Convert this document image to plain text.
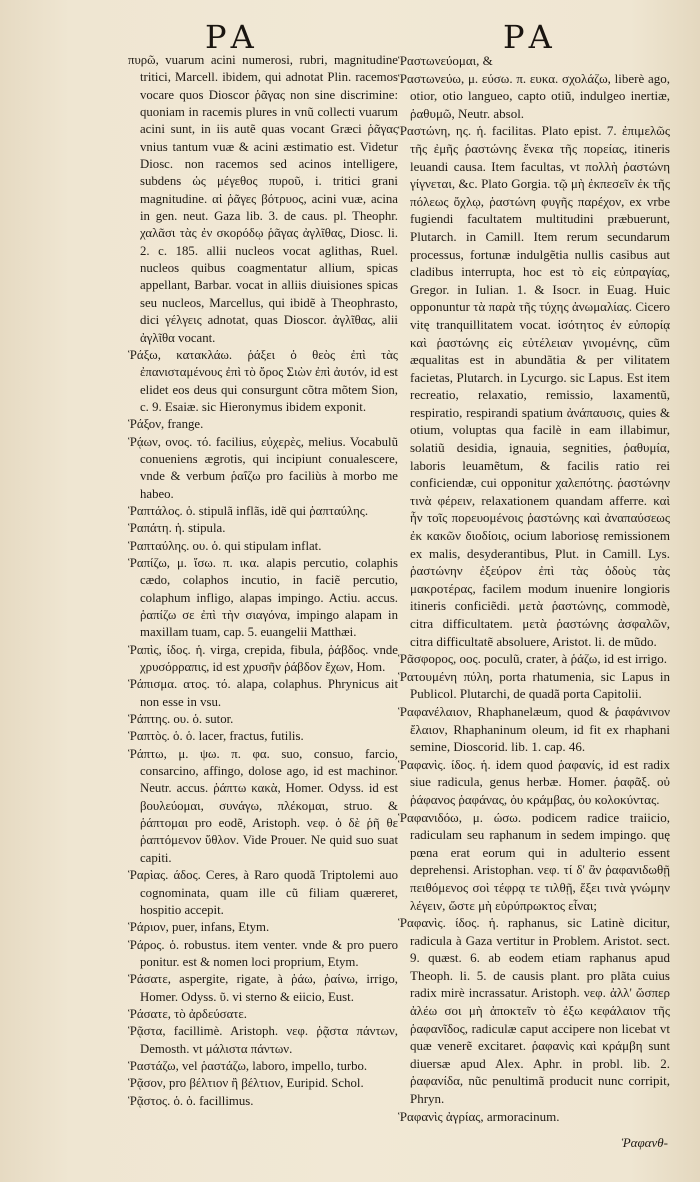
PA	PA
πυρῶ, vuarum acini numerosi, rubri, magnitudine tritici, Marcell. ibidem, qui adnotat Plin. racemos vocare quos Dioscor ῥᾶγας non sine discrimine: quoniam in racemis plures in vnũ collecti vuarum acini sunt, in iis autẽ quas vocant Græci ῥᾶγας vnius tantum vuæ & acini æstimatio est. Videtur Diosc. non racemos sed acinos intelligere, subdens ὡς μέγεθος πυροῦ, i. tritici grani magnitudine. αἱ ῥᾶγες βότρυος, acini vuæ, acina in gen. neut. Gaza lib. 3. de caus. pl. Theophr. χαλᾶσι τὰς ἐν σκορόδῳ ῥᾶγας ἀγλῖθας, Diosc. li. 2. c. 185. allii nucleos vocat aglithas, Ruel. nucleos quibus coagmentatur allium, spicas appellant, Barbar. vocat in alliis diuisiones spicas seu nucleos, Marcellus, qui ibidẽ à Theophrasto, dici γέλγεις adnotat, quas Dioscor. ἀγλῖθας, alii ἀγλῖθα vocant.
Ῥάξω, κατακλάω. ῥάξει ὁ θεὸς ἐπὶ τὰς ἐπανισταμένους ἐπὶ τὸ ὄρος Σιὼν ἐπὶ ἀυτόν, id est elidet eos deus qui consurgunt cõtra mõtem Sion, c. 9. Esaiæ. sic Hieronymus ibidem exponit.
Ῥάξον, frange.
Ῥᾴων, ονος. τό. facilius, εὐχερὲς, melius. Vocabulũ conueniens ægrotis, qui incipiunt conualescere, vnde & verbum ῥαΐζω pro faciliùs à morbo me habeo.
Ῥαπτάλος. ὁ. stipulã inflãs, idẽ qui ῥαπταύλης.
Ῥαπάτη. ἡ. stipula.
Ῥαπταύλης. ου. ὁ. qui stipulam inflat.
Ῥαπίζω, μ. ἴσω. π. ικα. alapis percutio, colaphis cædo, colaphos incutio, in faciẽ percutio, colaphum infligo, alapas impingo. Actiu. accus. ῥαπίζω σε ἐπὶ τὴν σιαγόνα, impingo alapam in maxillam tuam, cap. 5. euangelii Matthæi.
Ῥαπὶς, ίδος. ἡ. virga, crepida, fibula, ῥάβδος. vnde χρυσόρραπις, id est χρυσῆν ῥάβδον ἔχων, Hom.
Ῥάπισμα. ατος. τό. alapa, colaphus. Phrynicus ait non esse in vsu.
Ῥάπτης. ου. ὁ. sutor.
Ῥαπτὸς. ὁ. ὁ. lacer, fractus, futilis.
Ῥάπτω, μ. ψω. π. φα. suo, consuo, farcio, consarcino, affingo, dolose ago, id est machinor. Neutr. accus. ῥάπτω κακὰ, Homer. Odyss. id est βουλεύομαι, συνάγω, πλέκομαι, struo. & ῥάπτομαι pro eodẽ, Aristoph. νεφ. ὁ δὲ ῥῆ θε ῥαπτόμενον ὕθλον. Vide Prouer. Ne quid suo suat capiti.
Ῥαρὶας. άδος. Ceres, à Raro quodã Triptolemi auo cognominata, quam ille cũ filiam quæreret, hospitio accepit.
Ῥάριον, puer, infans, Etym.
Ῥάρος. ὁ. robustus. item venter. vnde & pro puero ponitur. est & nomen loci proprium, Etym.
Ῥάσατε, aspergite, rigate, à ῥάω, ῥαίνω, irrigo, Homer. Odyss. ῦ. vi sterno & eiicio, Eust.
Ῥάσατε, τὸ ἀρδεύσατε.
Ῥᾷστα, facillimè. Aristoph. νεφ. ῥᾷστα πάντων, Demosth. vt μάλιστα πάντων.
Ῥαστάζω, vel ῥαστάζω, laboro, impello, turbo.
Ῥᾷσον, pro βέλτιον ἢ βέλτιον, Euripid. Schol.
Ῥᾷστος. ὁ. ὁ. facillimus.
Ῥαστωνεύομαι, &
Ῥαστωνεύω, μ. εύσω. π. ευκα. σχολάζω, liberè ago, otior, otio langueo, capto otiũ, indulgeo inertiæ, ῥαθυμῶ, Neutr. absol.
Ῥαστώνη, ης. ἡ. facilitas. Plato epist. 7. ἐπιμελῶς τῆς ἐμῆς ῥαστώνης ἕνεκα τῆς πορείας, itineris leuandi causa. Item facultas, vt πολλὴ ῥαστώνη γίγνεται, &c. Plato Gorgia. τῷ μὴ ἐκπεσεῖν ἐκ τῆς πόλεως ὄχλῳ, ῥαστώνη φυγῆς παρέχον, ex vrbe fugiendi facultatem multitudini præbuerunt, Plutarch. in Camill. Item rerum secundarum processus, fortunæ indulgẽtia nullis casibus aut cladibus interrupta, hoc est τὸ εἰς εὐπραγίας, Gregor. in Iulian. 1. & Isocr. in Euag. Huic opponuntur τὰ παρὰ τῆς τύχης ἀνωμαλίας. Cicero vitę tranquillitatem vocat. ἰσότητος ἐν εὐπορίᾳ καὶ ῥαστώνης εἰς εὐτέλειαν γινομένης, cũm æqualitas est in abundãtia & per vilitatem facietas, Plutarch. in Lycurgo. sic Lapus. Est item recreatio, relaxatio, remissio, laxamentũ, respiratio, respirandi spatium ἀνάπαυσις, quies & otium, voluptas qua facilè in eam illabimur, solatiũ desidia, ignauia, segnities, ῥαθυμία, laboris leuamẽtum, & facilis ratio rei conficiendæ, cui opponitur χαλεπότης. ῥαστώνην τινὰ φέρειν, relaxationem quandam afferre. καὶ ἦν τοῖς πορευομένοις ῥαστώνης καὶ ἀναπαύσεως ἐκ κακῶν διοδίοις, ocium laboriosę remissionem ex malis, desyderantibus, Plut. in Camill. Lys. ῥαστώνην ἐξεύρον ἐπὶ τὰς ὁδοὺς τὰς μακροτέρας, facilem modum inuenire longioris itineris conficiẽdi. μετὰ ῥαστώνης, commodè, citra difficultatem. μετὰ ῥαστώνης ἀσφαλῶν, citra difficultatẽ absoluere, Aristot. li. de mũdo.
Ῥᾶσφορος, οος. poculũ, crater, à ῥάζω, id est irrigo.
Ῥατουμένη πύλη, porta rhatumenia, sic Lapus in Publicol. Plutarchi, de quadã porta Capitolii.
Ῥαφανέλαιον, Rhaphanelæum, quod & ῥαφάνινον ἔλαιον, Rhaphaninum oleum, id fit ex rhaphani semine, Dioscorid. lib. 1. cap. 46.
Ῥαφανὶς. ίδος. ἡ. idem quod ῥαφανίς, id est radix siue radicula, genus herbæ. Homer. ῥαφᾶξ. οὐ ῥάφανος ῥαφάνας, ὁυ κράμβας, ὁυ κολοκύντας.
Ῥαφανιδόω, μ. ώσω. podicem radice traiicio, radiculam seu raphanum in sedem impingo. quę pœna erat eorum qui in adulterio essent deprehensi. Aristophan. νεφ. τί δ' ἂν ῥαφανιδωθῇ πειθόμενος σοὶ τέφρᾳ τε τιλθῇ, ἕξει τινὰ γνώμην λέγειν, ὥστε μὴ εὐρύπρωκτος εἶναι;
Ῥαφανὶς. ίδος. ἡ. raphanus, sic Latinè dicitur, radicula à Gaza vertitur in Problem. Aristot. sect. 9. quæst. 6. ab eodem etiam raphanus apud Theoph. li. 5. de causis plant. pro plãta cuius radix mirè incrassatur. Aristoph. νεφ. ἀλλ' ὥσπερ ἀλέω σοι μὴ ἀποκτεῖν τὸ ἐξω κεφάλαιον τῆς ῥαφανῖδος, radiculæ caput accipere non licebat vt quæ venerẽ excitaret. ῥαφανὶς καὶ κράμβη sunt diuersæ apud Alex. Aphr. in probl. lib. 2. ῥαφανίδα, nũc penultimã producit nunc corripit, Phryn.
Ῥαφανὶς ἀγρίας, armoracinum.
Ῥαφανθ-
